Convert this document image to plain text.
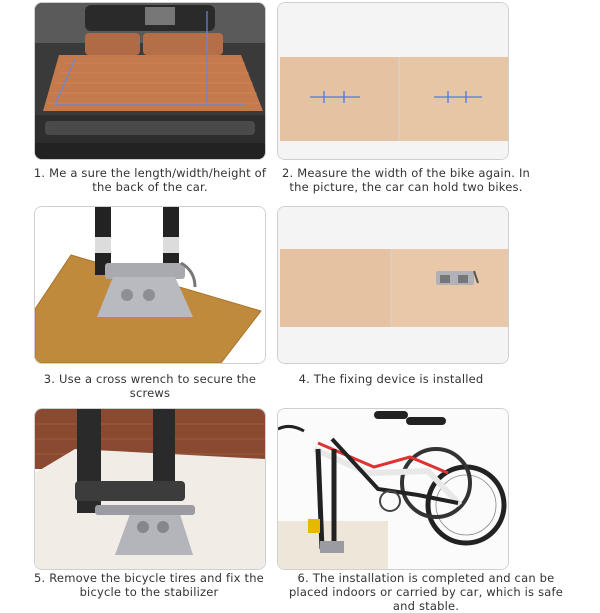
1. Me a sure the length/width/height of the back of the car.
2. Measure the width of the bike again. In the picture, the car can hold two bikes.
3. Use a cross wrench to secure the screws
4. The fixing device is installed
5. Remove the bicycle tires and fix the bicycle to the stabilizer
6. The installation is completed and can be placed indoors or carried by car, which is safe and stable.
